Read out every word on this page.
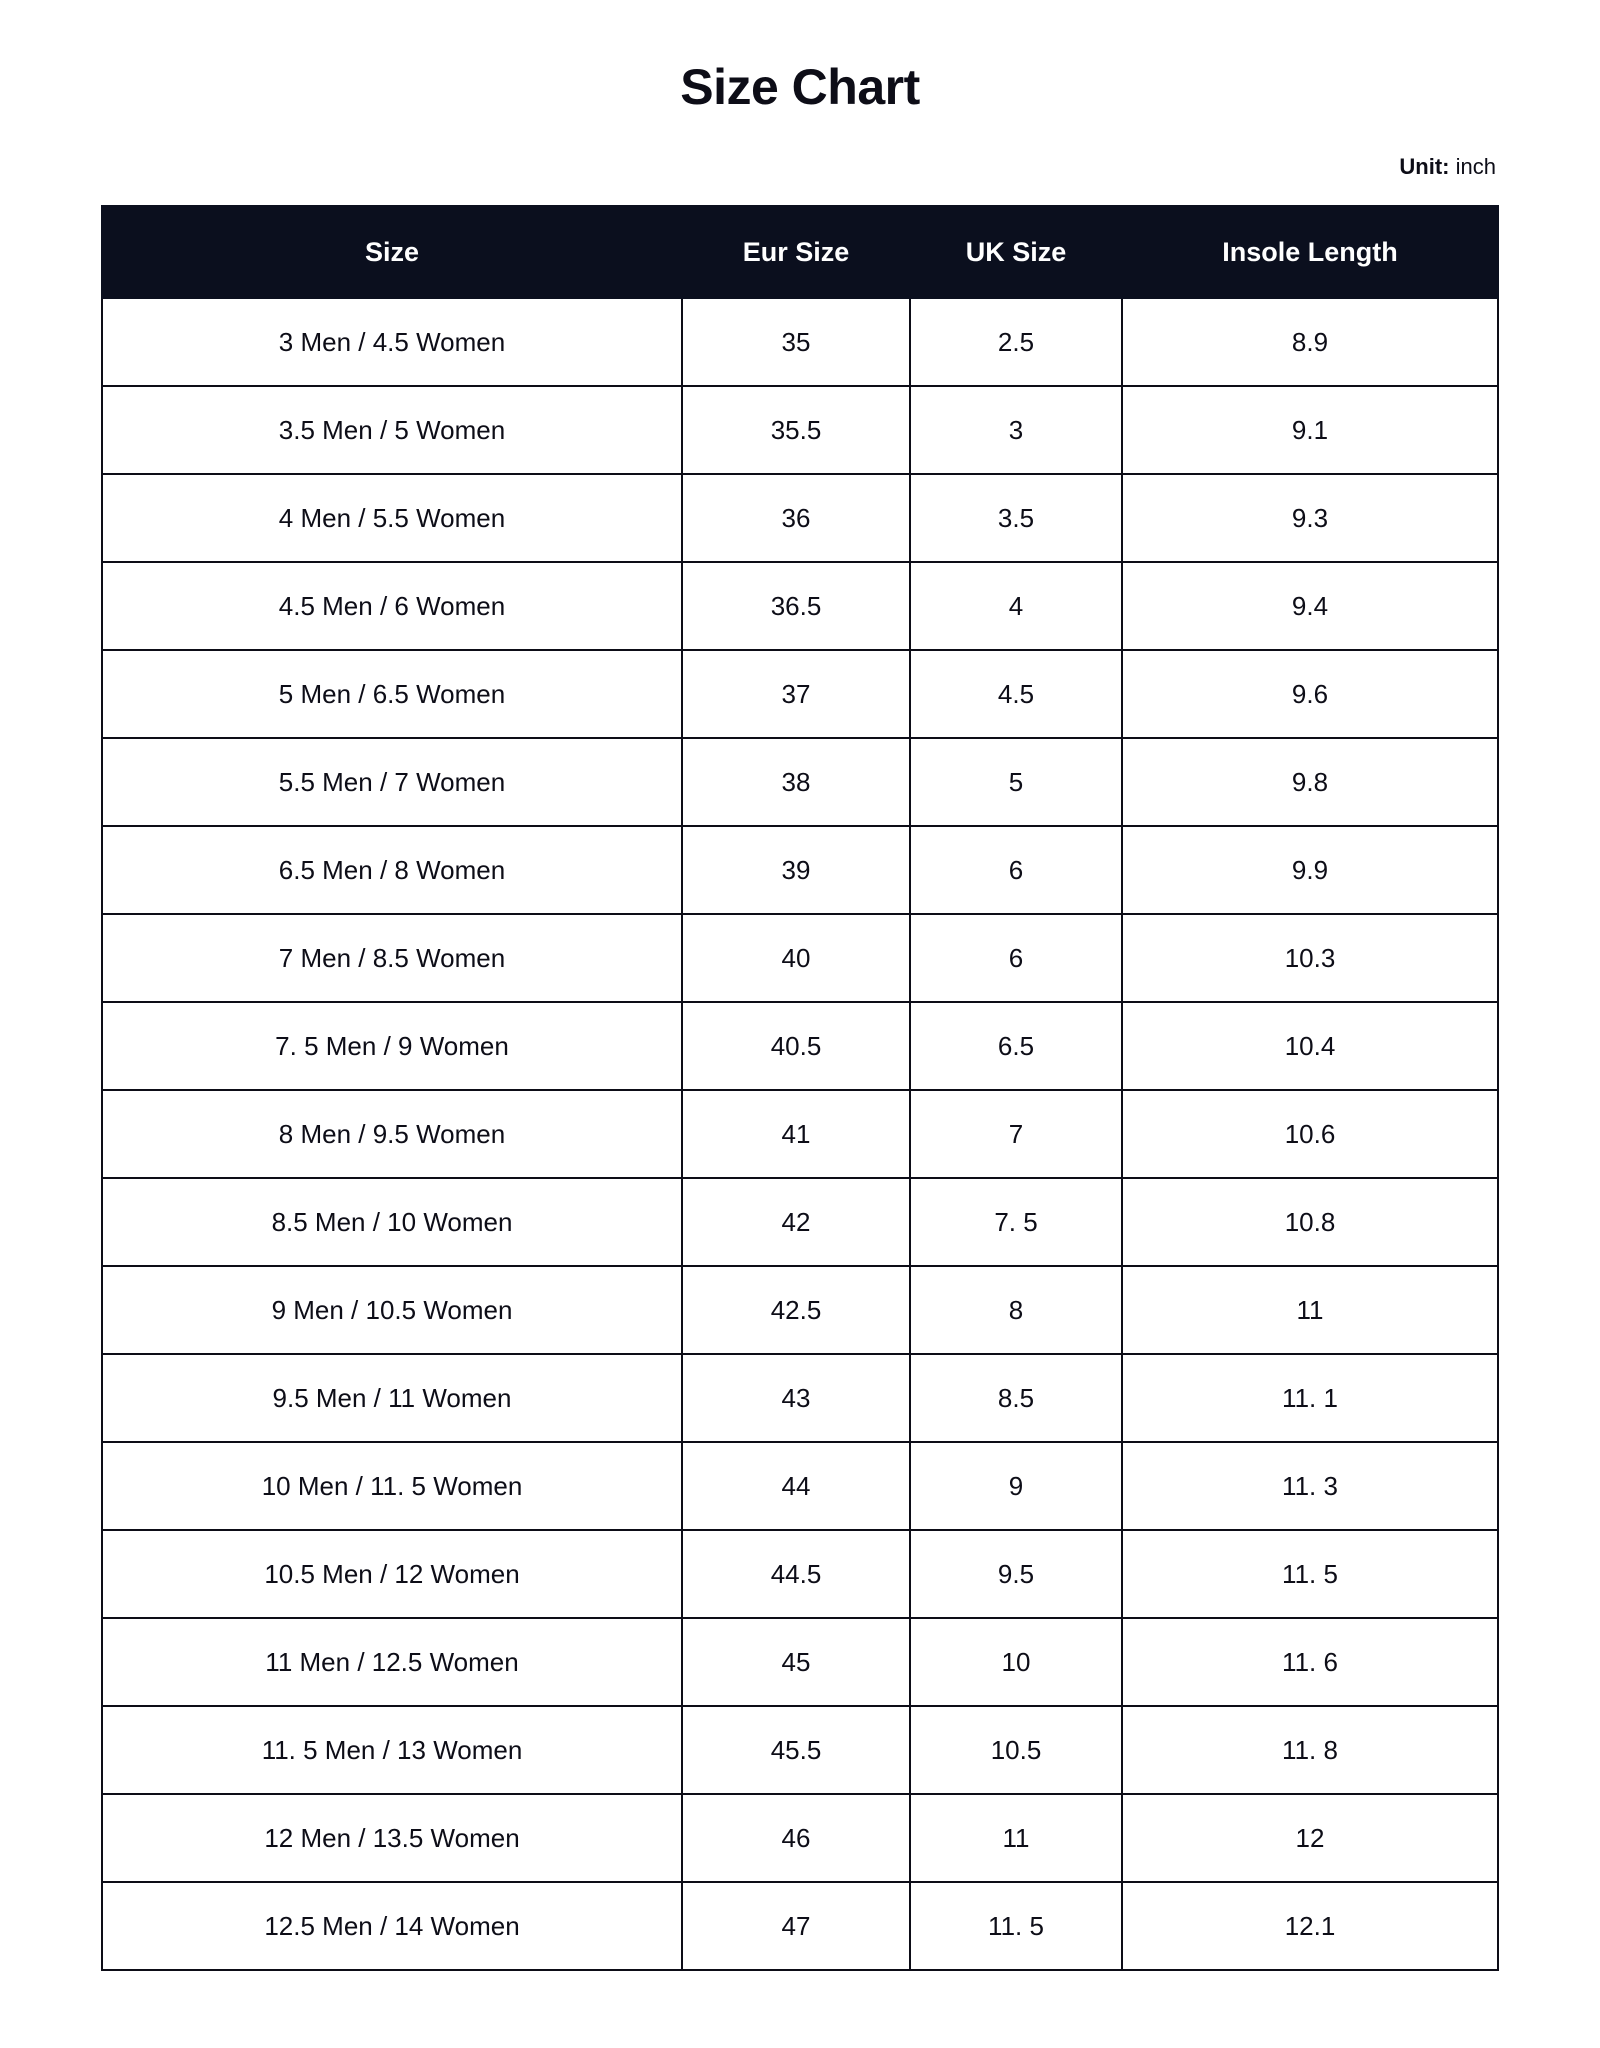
Size Chart
Unit: inch
Size	Eur Size	UK Size	Insole Length
3 Men / 4.5 Women	35	2.5	8.9
3.5 Men / 5 Women	35.5	3	9.1
4 Men / 5.5 Women	36	3.5	9.3
4.5 Men / 6 Women	36.5	4	9.4
5 Men / 6.5 Women	37	4.5	9.6
5.5 Men / 7 Women	38	5	9.8
6.5 Men / 8 Women	39	6	9.9
7 Men / 8.5 Women	40	6	10.3
7. 5 Men / 9 Women	40.5	6.5	10.4
8 Men / 9.5 Women	41	7	10.6
8.5 Men / 10 Women	42	7. 5	10.8
9 Men / 10.5 Women	42.5	8	11
9.5 Men / 11 Women	43	8.5	11. 1
10 Men / 11. 5 Women	44	9	11. 3
10.5 Men / 12 Women	44.5	9.5	11. 5
11 Men / 12.5 Women	45	10	11. 6
11. 5 Men / 13 Women	45.5	10.5	11. 8
12 Men / 13.5 Women	46	11	12
12.5 Men / 14 Women	47	11. 5	12.1
